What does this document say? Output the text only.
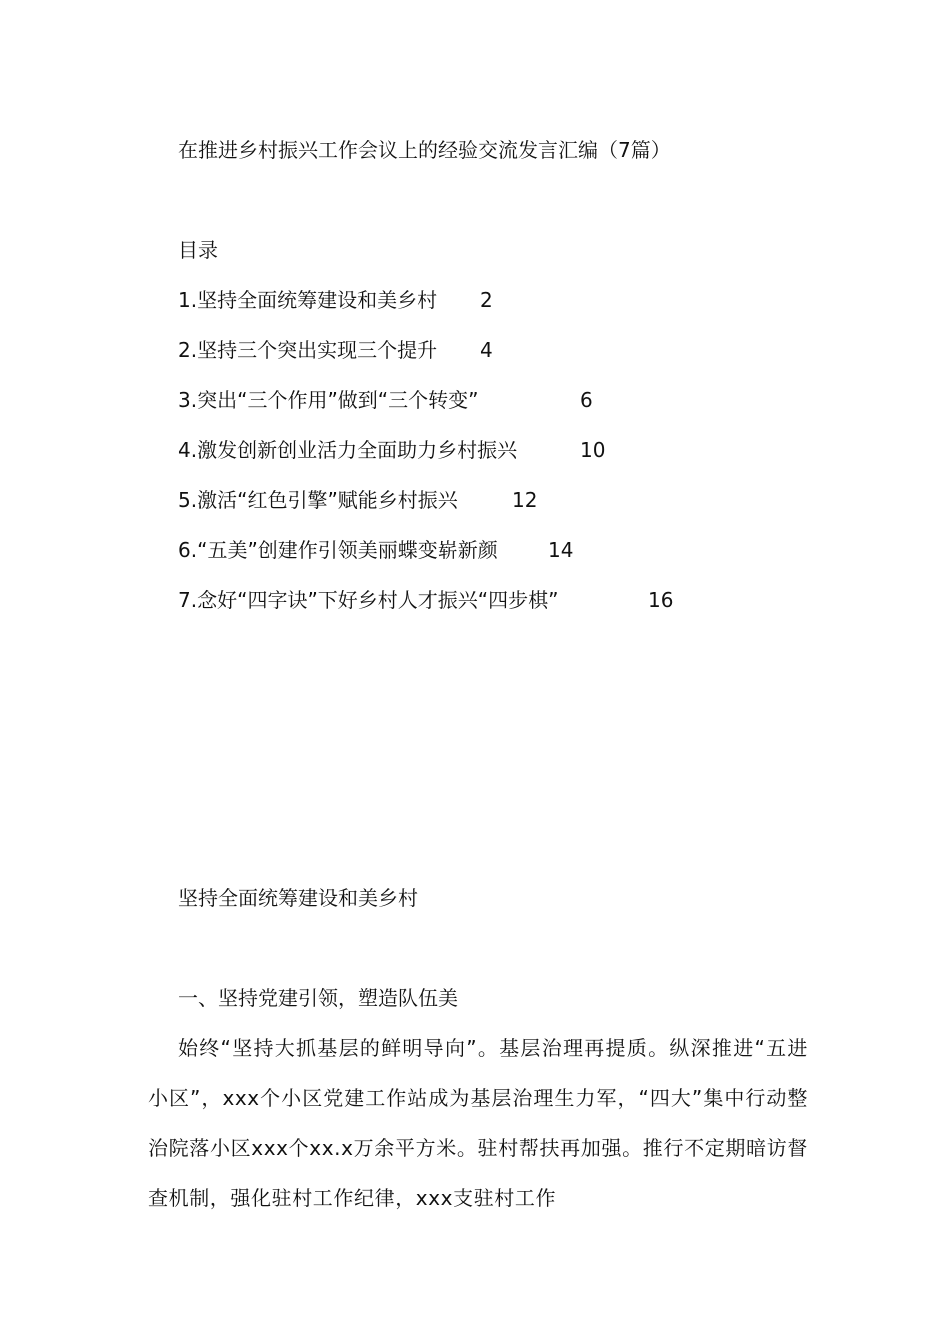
在推进乡村振兴工作会议上的经验交流发言汇编（7篇）
目录
1.坚持全面统筹建设和美乡村 2
2.坚持三个突出实现三个提升 4
3.突出“三个作用”做到“三个转变”	6
4.激发创新创业活力全面助力乡村振兴	10
5.激活“红色引擎”赋能乡村振兴	12
6.“五美”创建作引领美丽蝶变崭新颜	14
7.念好“四字诀”下好乡村人才振兴“四步棋”	16
坚持全面统筹建设和美乡村
一、坚持党建引领，塑造队伍美
始终“坚持大抓基层的鲜明导向”。基层治理再提质。纵深推进“五进小区”，xxx个小区党建工作站成为基层治理生力军，“四大”集中行动整治院落小区xxx个xx.x万余平方米。驻村帮扶再加强。推行不定期暗访督查机制，强化驻村工作纪律，xxx支驻村工作
